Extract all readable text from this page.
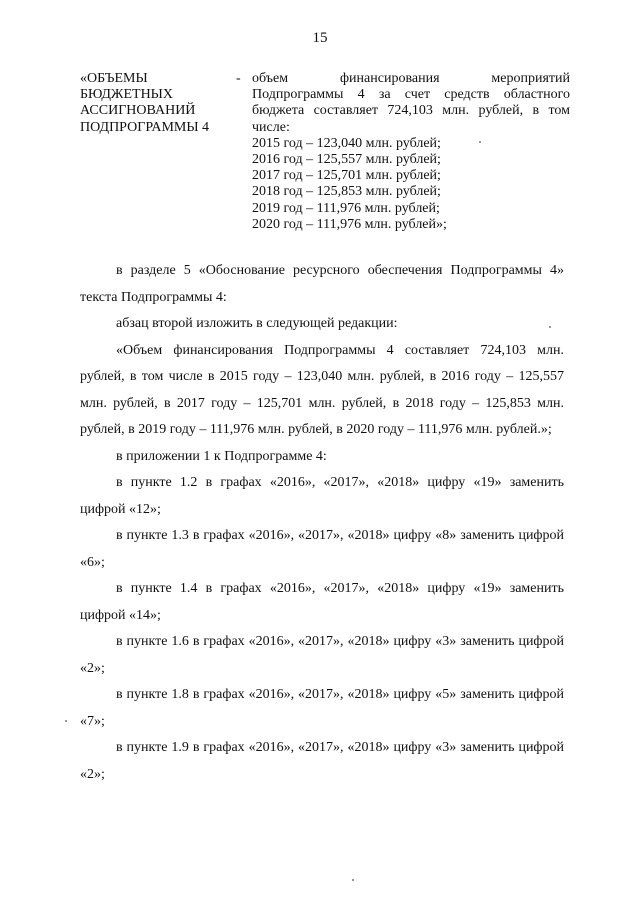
15
«ОБЪЕМЫ БЮДЖЕТНЫХ АССИГНОВАНИЙ ПОДПРОГРАММЫ 4
- объем финансирования мероприятий
Подпрограммы 4 за счет средств областного бюджета составляет 724,103 млн. рублей, в том числе:
2015 год – 123,040 млн. рублей;
2016 год – 125,557 млн. рублей;
2017 год – 125,701 млн. рублей;
2018 год – 125,853 млн. рублей;
2019 год – 111,976 млн. рублей;
2020 год – 111,976 млн. рублей»;

в разделе 5 «Обоснование ресурсного обеспечения Подпрограммы 4» текста Подпрограммы 4:

абзац второй изложить в следующей редакции:

«Объем финансирования Подпрограммы 4 составляет 724,103 млн. рублей, в том числе в 2015 году – 123,040 млн. рублей, в 2016 году – 125,557 млн. рублей, в 2017 году – 125,701 млн. рублей, в 2018 году – 125,853 млн. рублей, в 2019 году – 111,976 млн. рублей, в 2020 году – 111,976 млн. рублей.»;

в приложении 1 к Подпрограмме 4:

в пункте 1.2 в графах «2016», «2017», «2018» цифру «19» заменить цифрой «12»;

в пункте 1.3 в графах «2016», «2017», «2018» цифру «8» заменить цифрой «6»;

в пункте 1.4 в графах «2016», «2017», «2018» цифру «19» заменить цифрой «14»;

в пункте 1.6 в графах «2016», «2017», «2018» цифру «3» заменить цифрой «2»;

в пункте 1.8 в графах «2016», «2017», «2018» цифру «5» заменить цифрой «7»;

в пункте 1.9 в графах «2016», «2017», «2018» цифру «3» заменить цифрой «2»;
